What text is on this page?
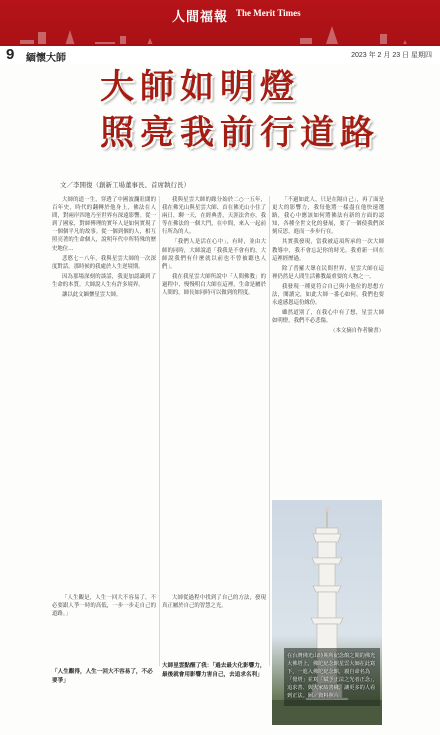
人間福報 The Merit Times
9 緬懷大師	2023 年 2 月 23 日 星期四
大師如明燈
照亮我前行道路
文／李開復（創新工場董事長、首席執行長）

大師的道一生，穿透了中國波瀾壯闊的百年史，時代的翻轉於他身上，佛法在人間，對兩岸四地乃至世界有深遠影響。從一到了國家，對師傅理的實年人是如何實現了一個個平凡的故事。從一個到個的人，相互照亮著的生命個人，說明年代中所特殊的歷史地位…

悲愍七－八年，我與星雲大師的一次深度對話，那時候的我處於人生逆境期。

因為那場深刻的談話，我更加認識到了生命的本質。大師說人生有許多境界。

讓以此文緬懷星雲大師。

我與星雲大師的緣分始於二○一五年，我在佛光山與星雲大師、首在佛光山小住了兩日，聊一天，在經典書，天涯法舍亦，我等在佛法的一個大門，在中間，來入一起前行所為的人。

「我們人是活在心中」，有時，並由大師的同時，大師說道「我我是不會有的，大師說我們有什麼就以前也不曾被聽也人們」。

我在我星雲大師所說中「人間佛教」的過程中，慢慢明白大師在這裡，生命是屬於人間的，師長如同時可以做到的程度。

「不過如此人，只是在隔自己」，再了面是更大的影響力，我每他將一樣盡在他快速選路，我心中應該如何將佛法有新的方面的認知，各種全世文化的發展，要了一個使我們深刻反思，進而一步步行在。

其實我發現，當我被這項所承的一次大師教導中，我不會忘記你的時光。我重新一回在這裡經歷過。

除了普羅大眾在民間世界，星雲大師在這裡仍然是人間生活佛教最重要的人物之一。

我發現一種更符合自己與小他位的思想方法，閱讀完，如此大師一番心如何，我們也要永遠感恩這份緣份。

雖然道別了，在我心中有了想，星雲大師如明燈，我們不必悲傷。

（本文摘自作者臉書）

「人生觀是，人生一回大不容易了，不必要跟人爭一時的高低，一步一步走自己的道路。」

大師從過程中找到了自己的方法，發現真正屬於自己的智慧之光。

「人生觀得，人生一回大不容易了，不必要爭」
大師星雲點醒了我：「過去最大化影響力，最後就會用影響力害自己，去追求名利」
在台灣佛光山時期所紀念館之間的佛光大佛塔上，佛陀紀念館星雲大師在此寫下，一進入佛陀紀念館，親自命名為「覺塔」並寫「賦予正法之光者正念」，追求善、與大家結善緣，讓更多的人看到正法。圖／資料照片
